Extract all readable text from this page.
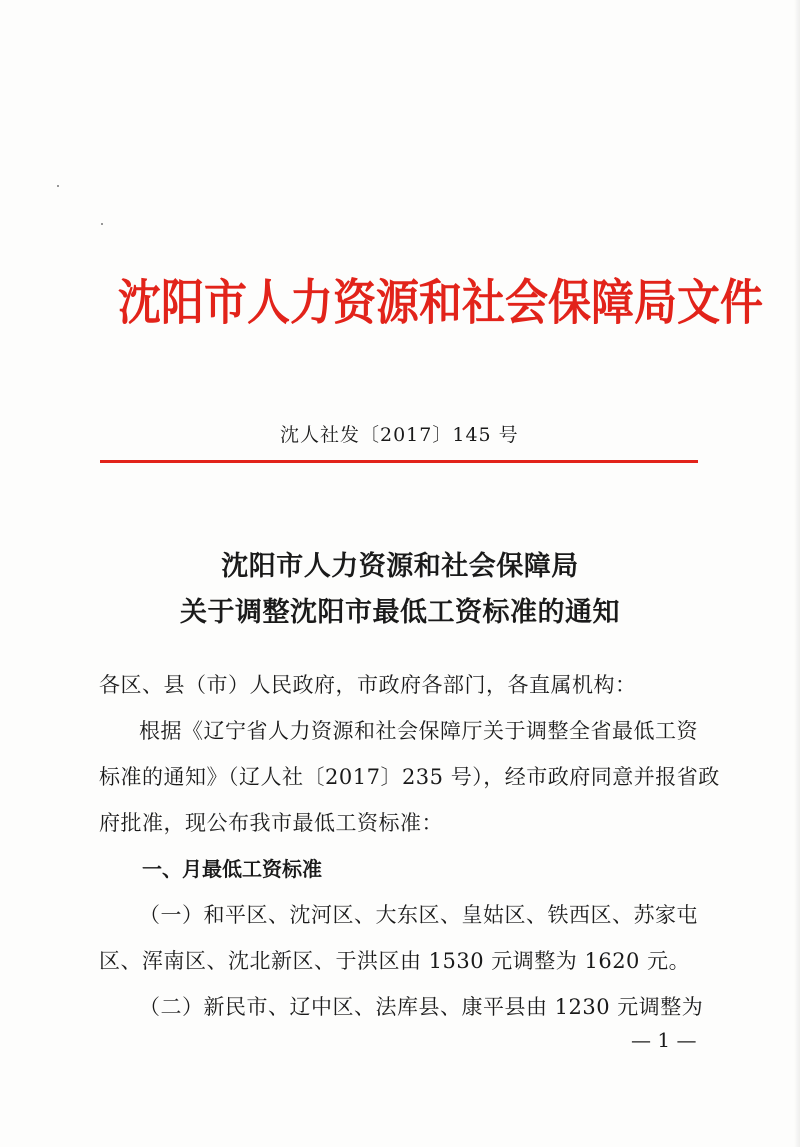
沈阳市人力资源和社会保障局文件
沈人社发〔2017〕145 号
沈阳市人力资源和社会保障局
关于调整沈阳市最低工资标准的通知
各区、县（市）人民政府，市政府各部门，各直属机构：
根据《辽宁省人力资源和社会保障厅关于调整全省最低工资
标准的通知》（辽人社〔2017〕235 号），经市政府同意并报省政
府批准，现公布我市最低工资标准：
一、月最低工资标准
（一）和平区、沈河区、大东区、皇姑区、铁西区、苏家屯
区、浑南区、沈北新区、于洪区由 1530 元调整为 1620 元。
（二）新民市、辽中区、法库县、康平县由 1230 元调整为
— 1 —
